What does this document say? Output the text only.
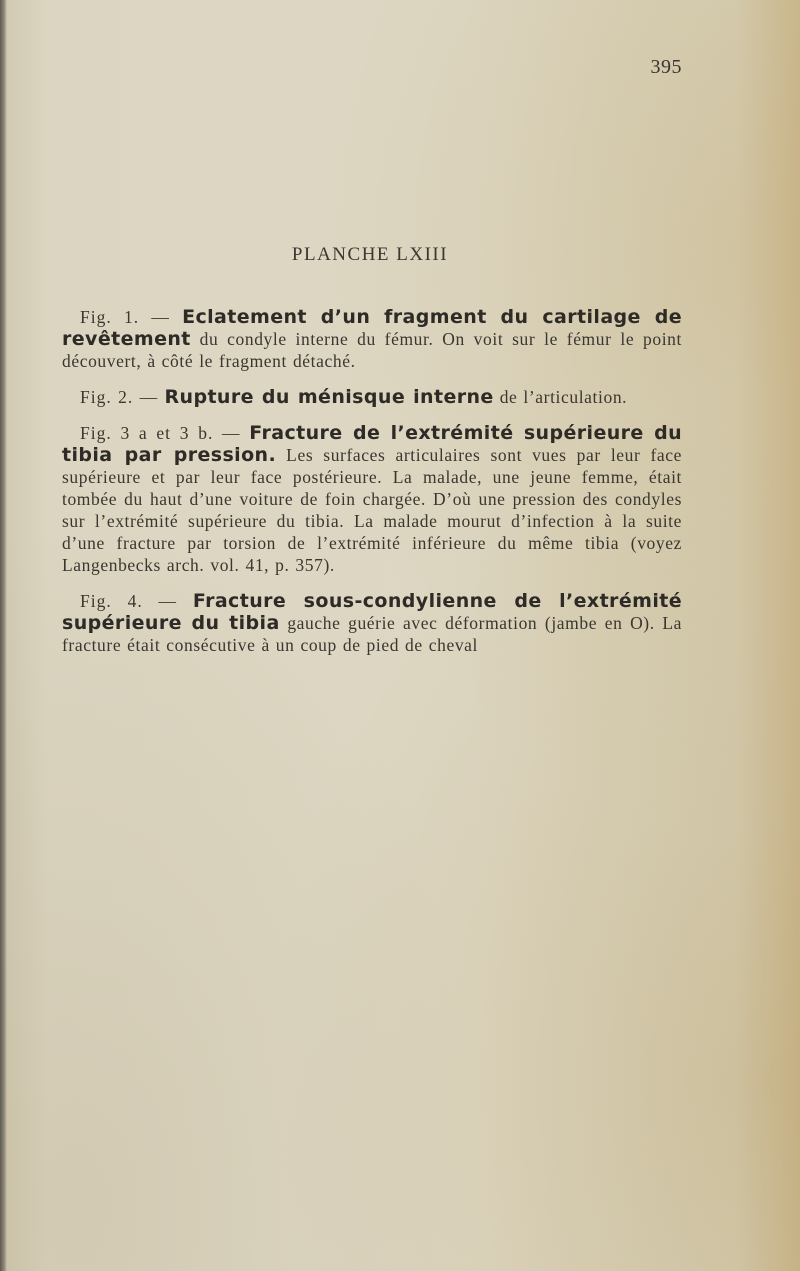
395
PLANCHE LXIII

Fig. 1. — Eclatement d’un fragment du cartilage de revêtement du condyle interne du fémur. On voit sur le fémur le point découvert, à côté le fragment détaché.

Fig. 2. — Rupture du ménisque interne de l’articulation.

Fig. 3 a et 3 b. — Fracture de l’extrémité supérieure du tibia par pression. Les surfaces articulaires sont vues par leur face supérieure et par leur face postérieure. La malade, une jeune femme, était tombée du haut d’une voiture de foin chargée. D’où une pression des condyles sur l’extrémité supérieure du tibia. La malade mourut d’infection à la suite d’une fracture par torsion de l’extrémité inférieure du même tibia (voyez Langenbecks arch. vol. 41, p. 357).

Fig. 4. — Fracture sous-condylienne de l’extrémité supérieure du tibia gauche guérie avec déformation (jambe en O). La fracture était consécutive à un coup de pied de cheval
